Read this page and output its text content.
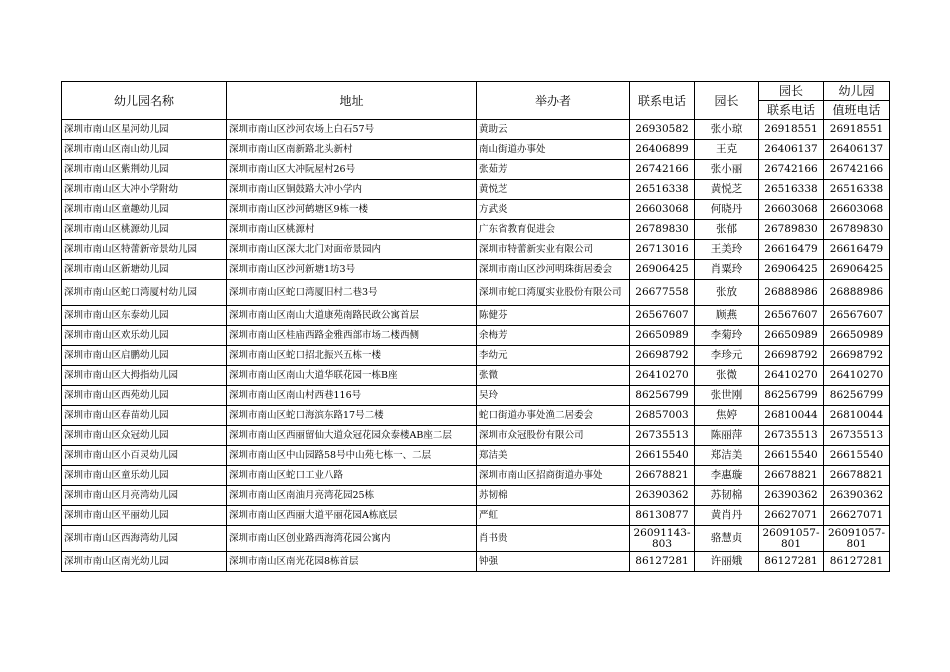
幼儿园名称	地址	举办者	联系电话	园长	园长	幼儿园
					联系电话	值班电话
深圳市南山区星河幼儿园	深圳市南山区沙河农场上白石57号	黄助云	26930582	张小琼	26918551	26918551
深圳市南山区南山幼儿园	深圳市南山区南新路北头新村	南山街道办事处	26406899	王克	26406137	26406137
深圳市南山区紫荆幼儿园	深圳市南山区大冲阮屋村26号	张茹芳	26742166	张小丽	26742166	26742166
深圳市南山区大冲小学附幼	深圳市南山区铜鼓路大冲小学内	黄悦芝	26516338	黄悦芝	26516338	26516338
深圳市南山区童趣幼儿园	深圳市南山区沙河鹤塘区9栋一楼	方武炎	26603068	何晓丹	26603068	26603068
深圳市南山区桃源幼儿园	深圳市南山区桃源村	广东省教育促进会	26789830	张郁	26789830	26789830
深圳市南山区特蕾新帝景幼儿园	深圳市南山区深大北门对面帝景园内	深圳市特蕾新实业有限公司	26713016	王美玲	26616479	26616479
深圳市南山区新塘幼儿园	深圳市南山区沙河新塘1坊3号	深圳市南山区沙河明珠街居委会	26906425	肖粟玲	26906425	26906425
深圳市南山区蛇口湾厦村幼儿园	深圳市南山区蛇口湾厦旧村二巷3号	深圳市蛇口湾厦实业股份有限公司	26677558	张放	26888986	26888986
深圳市南山区东泰幼儿园	深圳市南山区南山大道康苑南路民政公寓首层	陈健芬	26567607	顾燕	26567607	26567607
深圳市南山区欢乐幼儿园	深圳市南山区桂庙西路金雅西部市场二楼西侧	余梅芳	26650989	李菊玲	26650989	26650989
深圳市南山区启鹏幼儿园	深圳市南山区蛇口招北振兴五栋一楼	李幼元	26698792	李珍元	26698792	26698792
深圳市南山区大拇指幼儿园	深圳市南山区南山大道华联花园一栋B座	张微	26410270	张微	26410270	26410270
深圳市南山区西苑幼儿园	深圳市南山区南山村西巷116号	吴玲	86256799	张世刚	86256799	86256799
深圳市南山区春苗幼儿园	深圳市南山区蛇口海滨东路17号二楼	蛇口街道办事处渔二居委会	26857003	焦婷	26810044	26810044
深圳市南山区众冠幼儿园	深圳市南山区西丽留仙大道众冠花园众泰楼AB座二层	深圳市众冠股份有限公司	26735513	陈丽萍	26735513	26735513
深圳市南山区小百灵幼儿园	深圳市南山区中山园路58号中山苑七栋一、二层	郑洁美	26615540	郑洁美	26615540	26615540
深圳市南山区童乐幼儿园	深圳市南山区蛇口工业八路	深圳市南山区招商街道办事处	26678821	李惠璇	26678821	26678821
深圳市南山区月亮湾幼儿园	深圳市南山区南油月亮湾花园25栋	苏韧棉	26390362	苏韧棉	26390362	26390362
深圳市南山区平丽幼儿园	深圳市南山区西丽大道平丽花园A栋底层	严虹	86130877	黄肖丹	26627071	26627071
深圳市南山区西海湾幼儿园	深圳市南山区创业路西海湾花园公寓内	肖书贵	26091143-803	骆慧贞	26091057-801	26091057-801
深圳市南山区南光幼儿园	深圳市南山区南光花园8栋首层	钟强	86127281	许丽娥	86127281	86127281
